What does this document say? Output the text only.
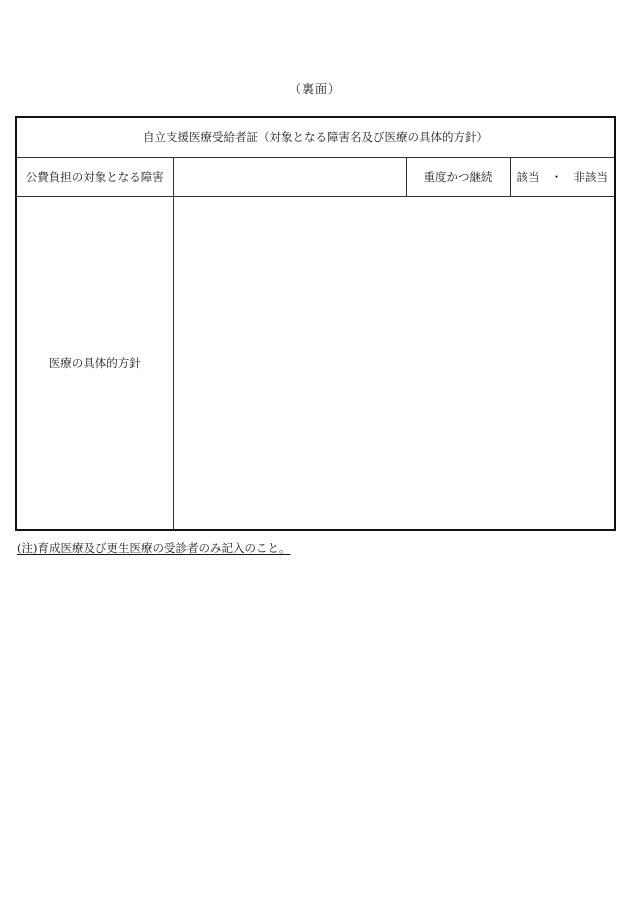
（裏面）
自立支援医療受給者証（対象となる障害名及び医療の具体的方針）			
公費負担の対象となる障害		重度かつ継続	該当 ・ 非該当

医療の具体的方針			
(注)育成医療及び更生医療の受診者のみ記入のこと。
